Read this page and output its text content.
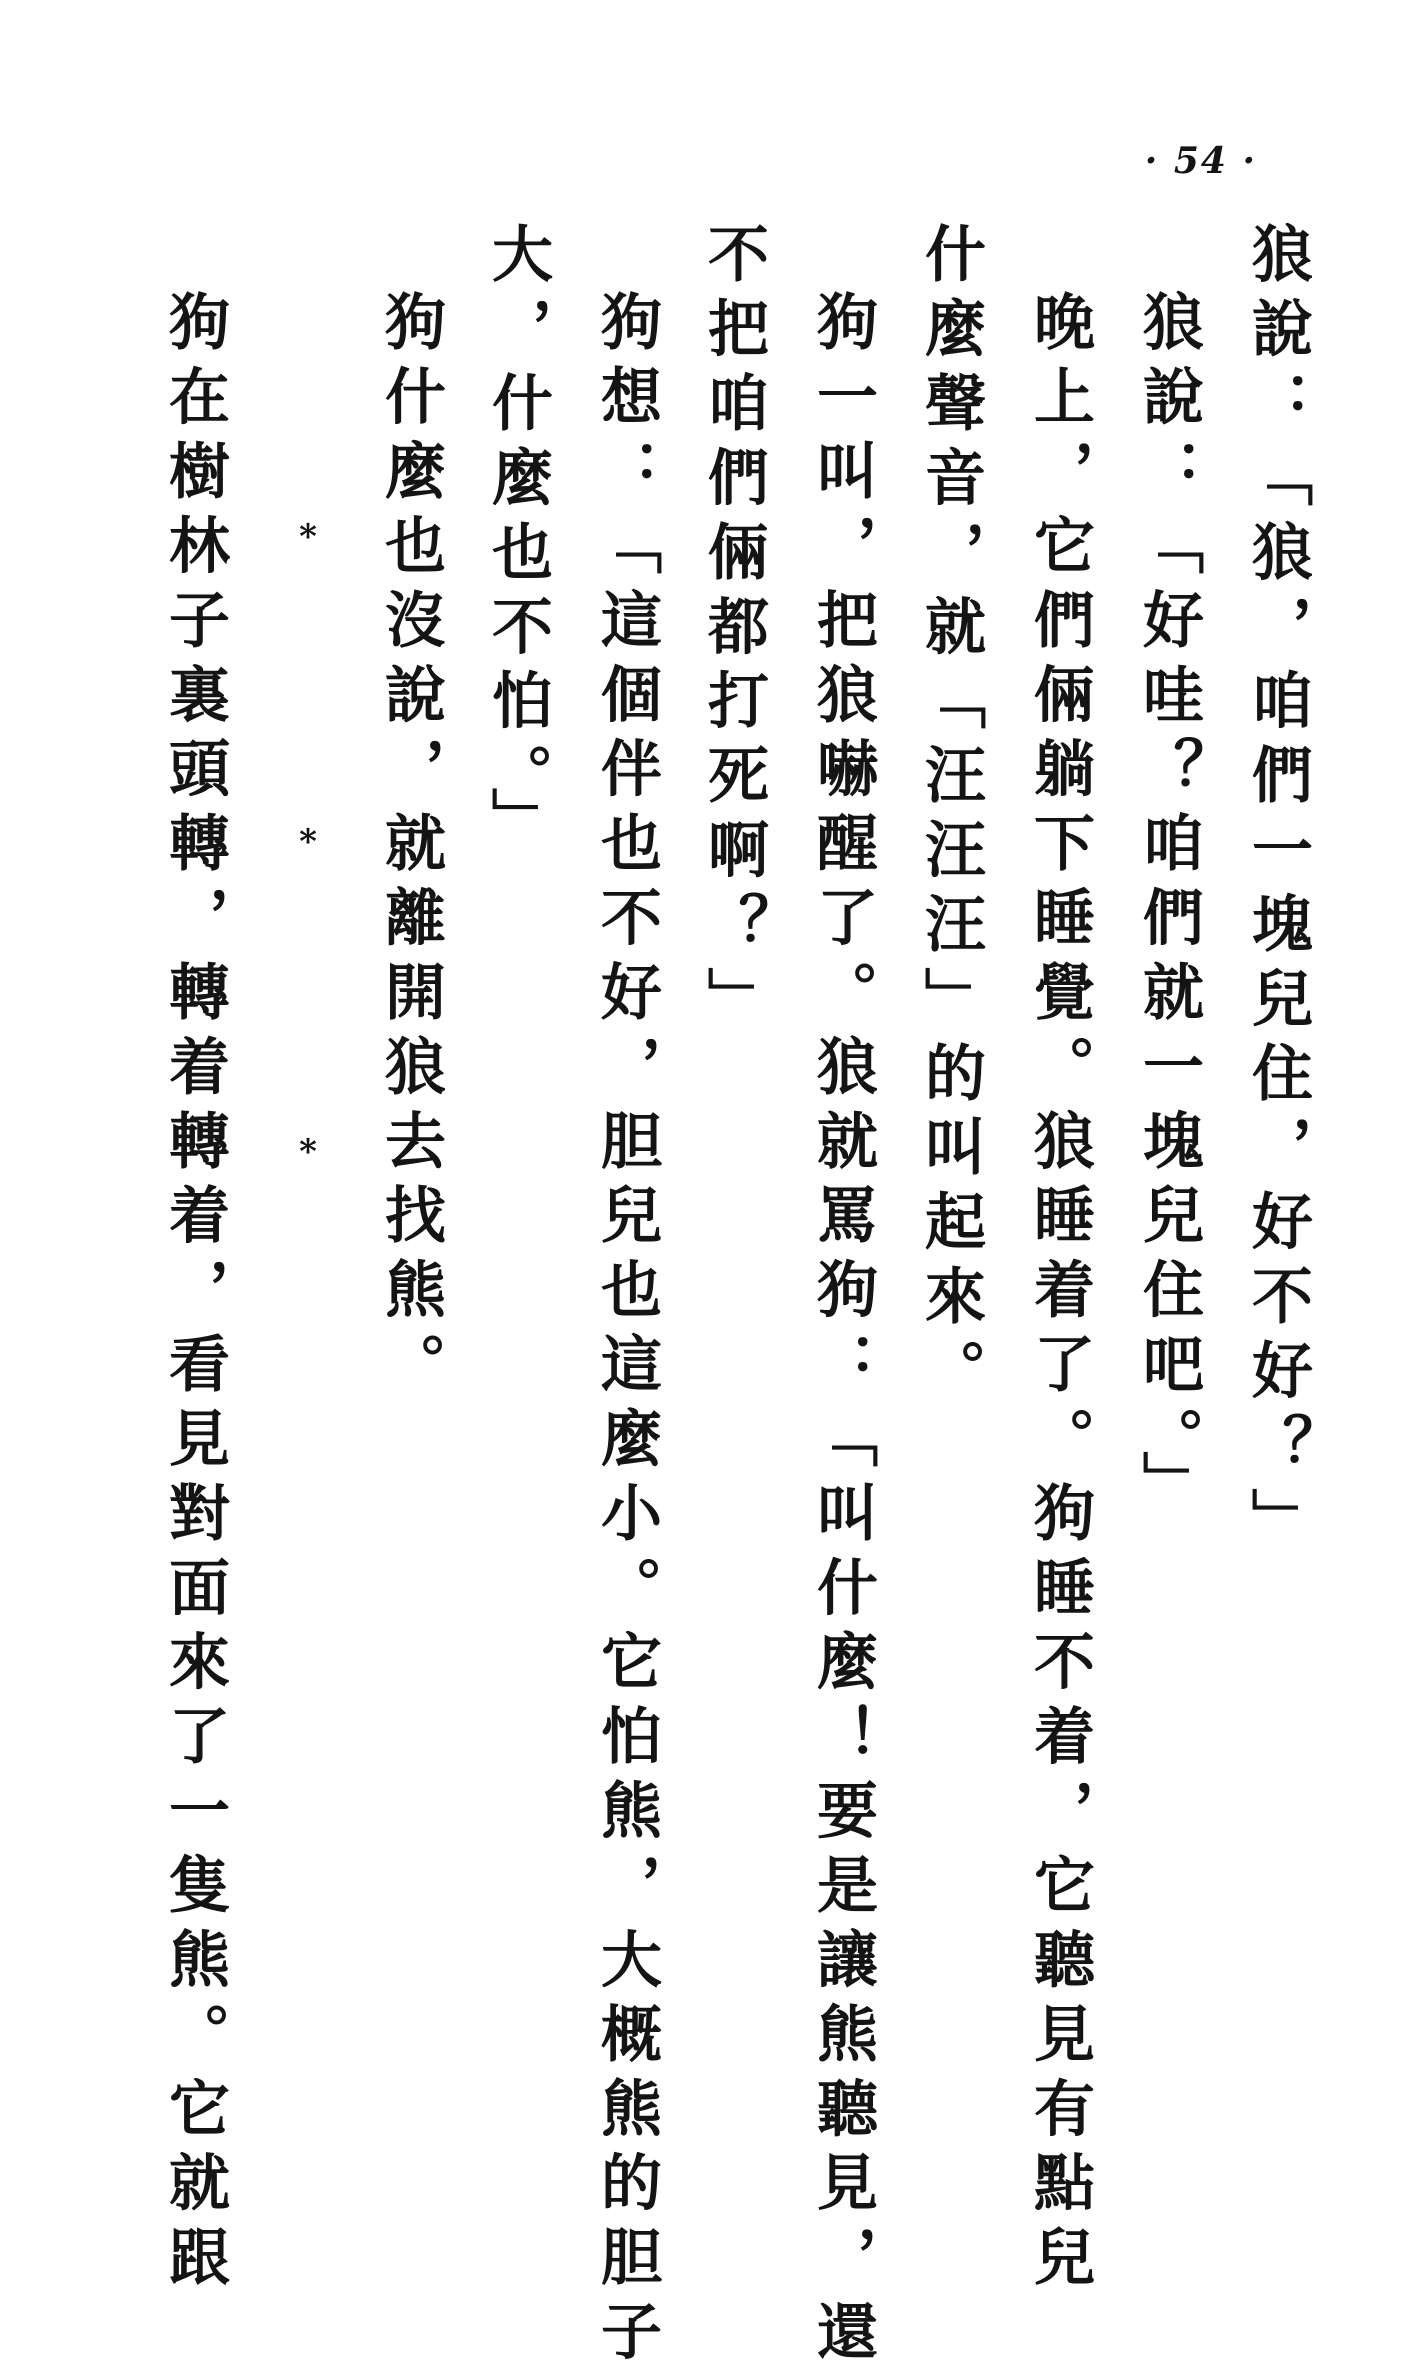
· 54 ·
狼說：「狼，咱們一塊兒住，好不好？」
狼說：「好哇？咱們就一塊兒住吧。」
晚上，它們倆躺下睡覺。狼睡着了。狗睡不着，它聽見有點兒
什麼聲音，就「汪汪汪」的叫起來。
狗一叫，把狼嚇醒了。狼就罵狗：「叫什麼！要是讓熊聽見，還
不把咱們倆都打死啊？」
狗想：「這個伴也不好，胆兒也這麼小。它怕熊，大概熊的胆子
大，什麼也不怕。」
狗什麼也沒說，就離開狼去找熊。
*
*
*
狗在樹林子裏頭轉，轉着轉着，看見對面來了一隻熊。它就跟
